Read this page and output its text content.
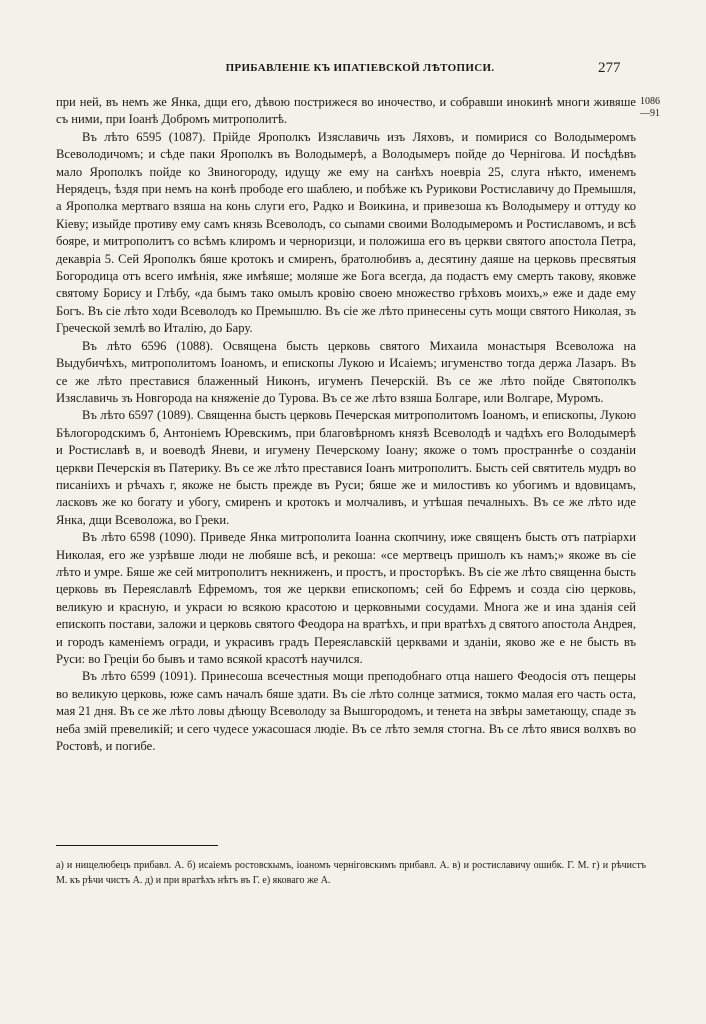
ПРИБАВЛЕНІЕ КЪ ИПАТІЕВСКОЙ ЛѢТОПИСИ.	277
1086
—91

при ней, въ немъ же Янка, дщи его, дѣвою пострижеся во иночество, и собравши инокинѣ многи живяше съ ними, при Іоанѣ Добромъ митрополитѣ.

Въ лѣто 6595 (1087). Прійде Ярополкъ Изяславичь изъ Ляховъ, и помирися со Володымеромъ Всеволодичомъ; и сѣде паки Ярополкъ въ Володымерѣ, а Володымеръ пойде до Чернігова. И посѣдѣвъ мало Ярополкъ пойде ко Звиногороду, идущу же ему на санѣхъ ноевріа 25, слуга нѣкто, именемъ Нерядецъ, ѣздя при немъ на конѣ прободе его шаблею, и побѣже къ Рурикови Ростиславичу до Премышля, а Ярополка мертваго взяша на конь слуги его, Радко и Воикина, и привезоша къ Володымеру и оттуду ко Кіеву; изыйде противу ему самъ князь Всеволодъ, со сыnами своими Володымеромъ и Ростиславомъ, и всѣ бояре, и митрополитъ со всѣмъ клиромъ и черноризци, и положиша его въ церкви святого апостола Петра, декавріа 5. Сей Ярополкъ бяше кротокъ и смиренъ, братолюбивъ а, десятину даяше на церковь пресвятыя Богородица отъ всего имѣнія, яже имѣяше; моляше же Бога всегда, да подастъ ему смерть такову, яковже святому Борису и Глѣбу, «да бымъ тако омылъ кровію своею множество грѣховъ моихъ,» еже и даде ему Богъ. Въ сіе лѣто ходи Всеволодъ ко Премышлю. Въ сіе же лѣто принесены суть мощи святого Николая, зъ Греческой землѣ во Италію, до Бару.

Въ лѣто 6596 (1088). Освящена бысть церковь святого Михаила монастыря Всеволожа на Выдубичѣхъ, митрополитомъ Іоаномъ, и епископы Лукою и Исаіемъ; игуменство тогда держа Лазаръ. Въ се же лѣто преставися блаженный Никонъ, игуменъ Печерскій. Въ се же лѣто пойде Святополкъ Изяславичь зъ Новгорода на княженіе до Турова. Въ се же лѣто взяша Болгаре, или Волгаре, Муромъ.

Въ лѣто 6597 (1089). Священна бысть церковь Печерская митрополитомъ Іоаномъ, и епископы, Лукою Бѣлогородскимъ б, Антоніемъ Юревскимъ, при благовѣрномъ князѣ Всеволодѣ и чадѣхъ его Володымерѣ и Ростиславѣ в, и воеводѣ Яневи, и игумену Печерскому Іоану; якоже о томъ пространнѣе о созданіи церкви Печерскія въ Патерику. Въ се же лѣто преставися Іоанъ митрополитъ. Бысть сей святитель мудръ во писаніихъ и рѣчахъ г, якоже не бысть прежде въ Руси; бяше же и милостивъ ко убогимъ и вдовицамъ, ласковъ же ко богату и убогу, смиренъ и кротокъ и молчаливъ, и утѣшая печалныхъ. Въ се же лѣто иде Янка, дщи Всеволожа, во Греки.

Въ лѣто 6598 (1090). Приведе Янка митрополита Іоанна скопчину, иже священъ бысть отъ патріархи Николая, его же узрѣвше люди не любяше всѣ, и рекоша: «се мертвецъ пришолъ къ намъ;» якоже въ сіе лѣто и умре. Бяше же сей митрополитъ некниженъ, и простъ, и просторѣкъ. Въ сіе же лѣто священна бысть церковь въ Переяславлѣ Ефремомъ, тоя же церкви епископомъ; сей бо Ефремъ и созда сію церковь, великую и красную, и украси ю всякою красотою и церковными сосудами. Многа же и ина зданія сей епископъ постави, заложи и церковь святого Феодора на вратѣхъ, и при вратѣхъ д святого апостола Андрея, и городъ каменіемъ огради, и украсивъ градъ Переяславскій церквами и зданіи, яково же е не бысть въ Руси: во Греціи бо бывъ и тамо всякой красотѣ научился.

Въ лѣто 6599 (1091). Принесоша всечестныя мощи преподобнаго отца нашего Феодосія отъ пещеры во великую церковь, юже самъ началъ бяше здати. Въ сіе лѣто солнце затмися, токмо малая его часть оста, мая 21 дня. Въ се же лѣто ловы дѣющу Всеволоду за Вышгородомъ, и тенета на звѣры заметающу, спаде зъ неба змій превеликій; и сего чудесе ужасошася людіе. Въ се лѣто земля стогна. Въ се лѣто явися волхвъ во Ростовѣ, и погибе.

а) и нищелюбецъ прибавл. А. б) исаіемъ ростовскымъ, іоаномъ черніговскимъ прибавл. А. в) и ростиславичу ошибк. Г. М. г) и рѣчистъ М. къ рѣчи чистъ А. д) и при вратѣхъ нѣтъ въ Г. е) яковаго же А.
